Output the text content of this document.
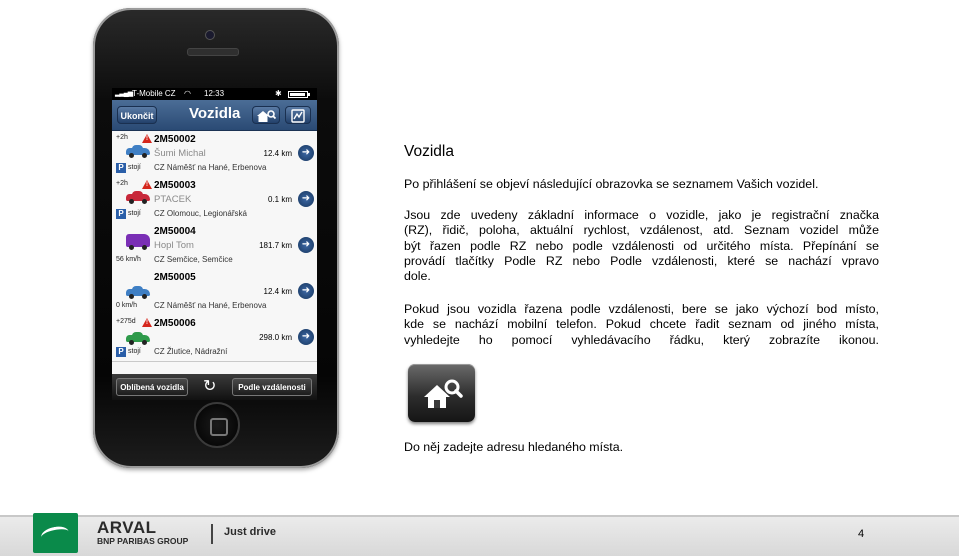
▂▃▄▅ T-Mobile CZ ◠ 12:33	✱
Ukončit Vozidla
+2h	! 2M50002
Šumi Michal	12.4 km ➜
P stojí CZ Náměšť na Hané, Erbenova
+2h	! 2M50003
PTACEK	0.1 km ➜
P stojí CZ Olomouc, Legionářská
2M50004
Hopl Tom	181.7 km ➜
56 km/h CZ Semčice, Semčice
2M50005
12.4 km ➜
0 km/h CZ Náměšť na Hané, Erbenova
+275d ! 2M50006
298.0 km ➜
P stojí CZ Žlutice, Nádražní
Oblíbená vozidla ↻	Podle vzdálenosti
Vozidla
Po přihlášení se objeví následující obrazovka se seznamem Vašich vozidel.
Jsou zde uvedeny základní informace o vozidle, jako je registrační značka
(RZ), řidič, poloha, aktuální rychlost, vzdálenost, atd. Seznam vozidel může
být řazen podle RZ nebo podle vzdálenosti od určitého místa. Přepínání se
provádí tlačítky Podle RZ nebo Podle vzdálenosti, které se nachází vpravo
dole.
Pokud jsou vozidla řazena podle vzdálenosti, bere se jako výchozí bod místo,
kde se nachází mobilní telefon. Pokud chcete řadit seznam od jiného místa,
vyhledejte ho pomocí vyhledávacího řádku, který zobrazíte ikonou.
Do něj zadejte adresu hledaného místa.
ARVAL
BNP PARIBAS GROUP
Just drive	4
